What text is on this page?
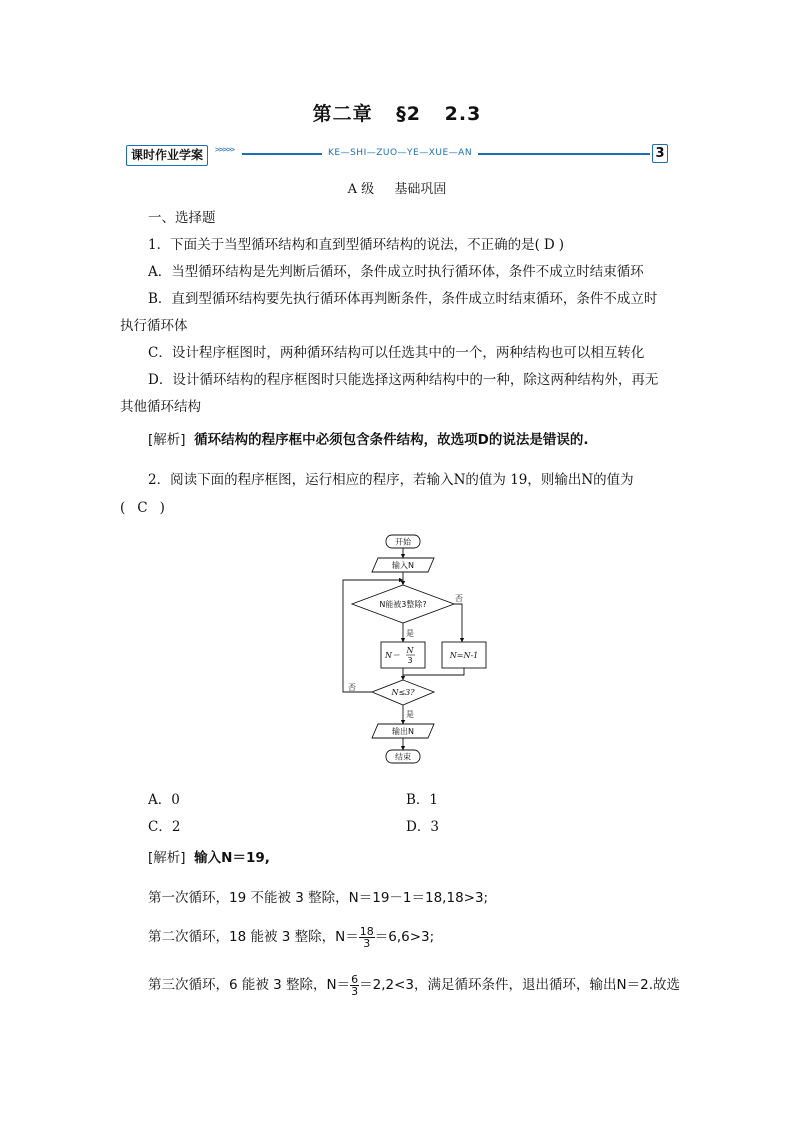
第二章 §2 2.3
课时作业学案	>>>>>	KE—SHI—ZUO—YE—XUE—AN	3
A 级 基础巩固
一、选择题
1．下面关于当型循环结构和直到型循环结构的说法，不正确的是( D )
A．当型循环结构是先判断后循环，条件成立时执行循环体，条件不成立时结束循环
B．直到型循环结构要先执行循环体再判断条件，条件成立时结束循环，条件不成立时
执行循环体
C．设计程序框图时，两种循环结构可以任选其中的一个，两种结构也可以相互转化
D．设计循环结构的程序框图时只能选择这两种结构中的一种，除这两种结构外，再无
其他循环结构
[解析] 循环结构的程序框中必须包含条件结构，故选项D的说法是错误的.
2．阅读下面的程序框图，运行相应的程序，若输入N的值为 19，则输出N的值为
( C )
开始
输入N
N能被3整除?
是
否
N＝
N
3
N=N-1
N≤3?
否
是
输出N
结束
A．0	B．1
C．2	D．3
[解析] 输入N＝19,
第一次循环，19 不能被 3 整除，N＝19－1＝18,18>3;
第二次循环，18 能被 3 整除，$N= \frac{18}{3} =6,6>3$;
第三次循环，6 能被 3 整除，$N= \frac{6}{3} =2,2<3$，满足循环条件，退出循环，输出N＝2.故选
